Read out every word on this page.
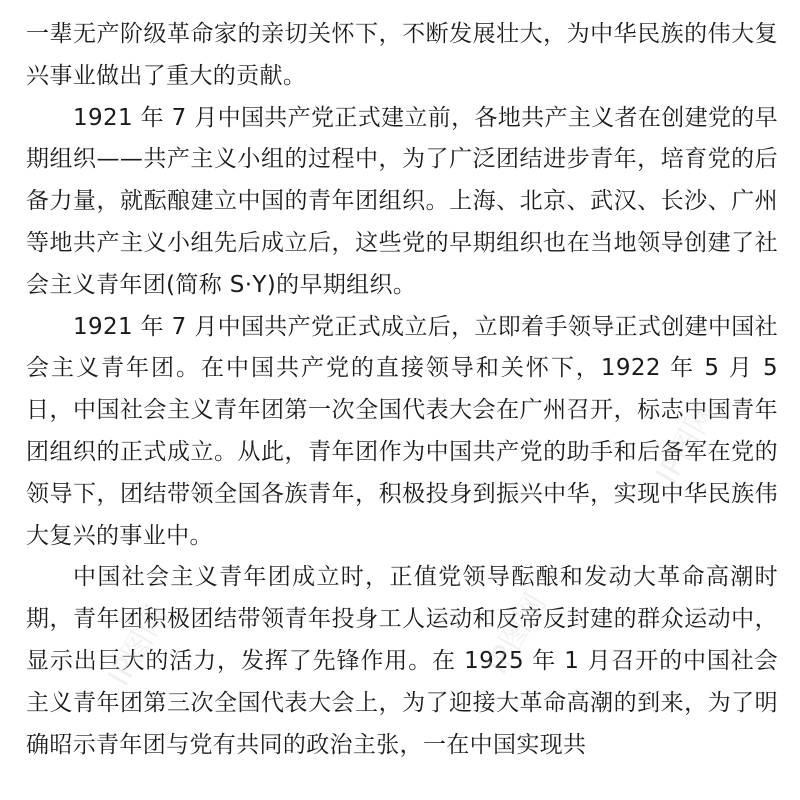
一辈无产阶级革命家的亲切关怀下，不断发展壮大，为中华民族的伟大复兴事业做出了重大的贡献。

1921 年 7 月中国共产党正式建立前，各地共产主义者在创建党的早期组织——共产主义小组的过程中，为了广泛团结进步青年，培育党的后备力量，就酝酿建立中国的青年团组织。上海、北京、武汉、长沙、广州等地共产主义小组先后成立后，这些党的早期组织也在当地领导创建了社会主义青年团(简称 S·Y)的早期组织。

1921 年 7 月中国共产党正式成立后，立即着手领导正式创建中国社会主义青年团。在中国共产党的直接领导和关怀下，1922 年 5 月 5 日，中国社会主义青年团第一次全国代表大会在广州召开，标志中国青年团组织的正式成立。从此，青年团作为中国共产党的助手和后备军在党的领导下，团结带领全国各族青年，积极投身到振兴中华，实现中华民族伟大复兴的事业中。

中国社会主义青年团成立时，正值党领导酝酿和发动大革命高潮时期，青年团积极团结带领青年投身工人运动和反帝反封建的群众运动中，显示出巨大的活力，发挥了先锋作用。在 1925 年 1 月召开的中国社会主义青年团第三次全国代表大会上，为了迎接大革命高潮的到来，为了明确昭示青年团与党有共同的政治主张，一在中国实现共

IP图网	IP图网
IP图网
